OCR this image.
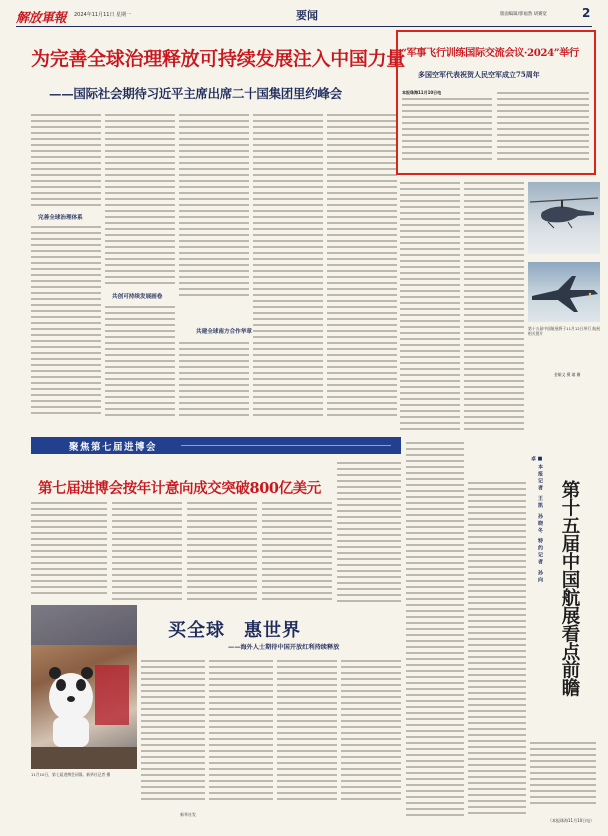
解放軍報 2024年11月11日 星期一	要闻	版面编辑/郭福然 胡赛宽	2
为完善全球治理释放可持续发展注入中国力量
——国际社会期待习近平主席出席二十国集团里约峰会
完善全球治理体系
共创可持续发展画卷
共建全球南方合作华章
“军事飞行训练国际交流会议·2024”举行
多国空军代表祝贺人民空军成立75周年
本报珠海11月10日电
第十五届中国航展将于11月12日举行 航展相关图片
金雄文 摄 翁 姗
聚焦第七届进博会
第七届进博会按年计意向成交突破800亿美元
11月10日，第七届进博会闭幕。新华社记者 摄
新华社发
买全球　惠世界
——海外人士期待中国开放红利持续释放
（本报珠海11月10日电）
■本报记者 王凯 孙晓冬 特约记者 孙向卓
第十五届中国航展看点前瞻
